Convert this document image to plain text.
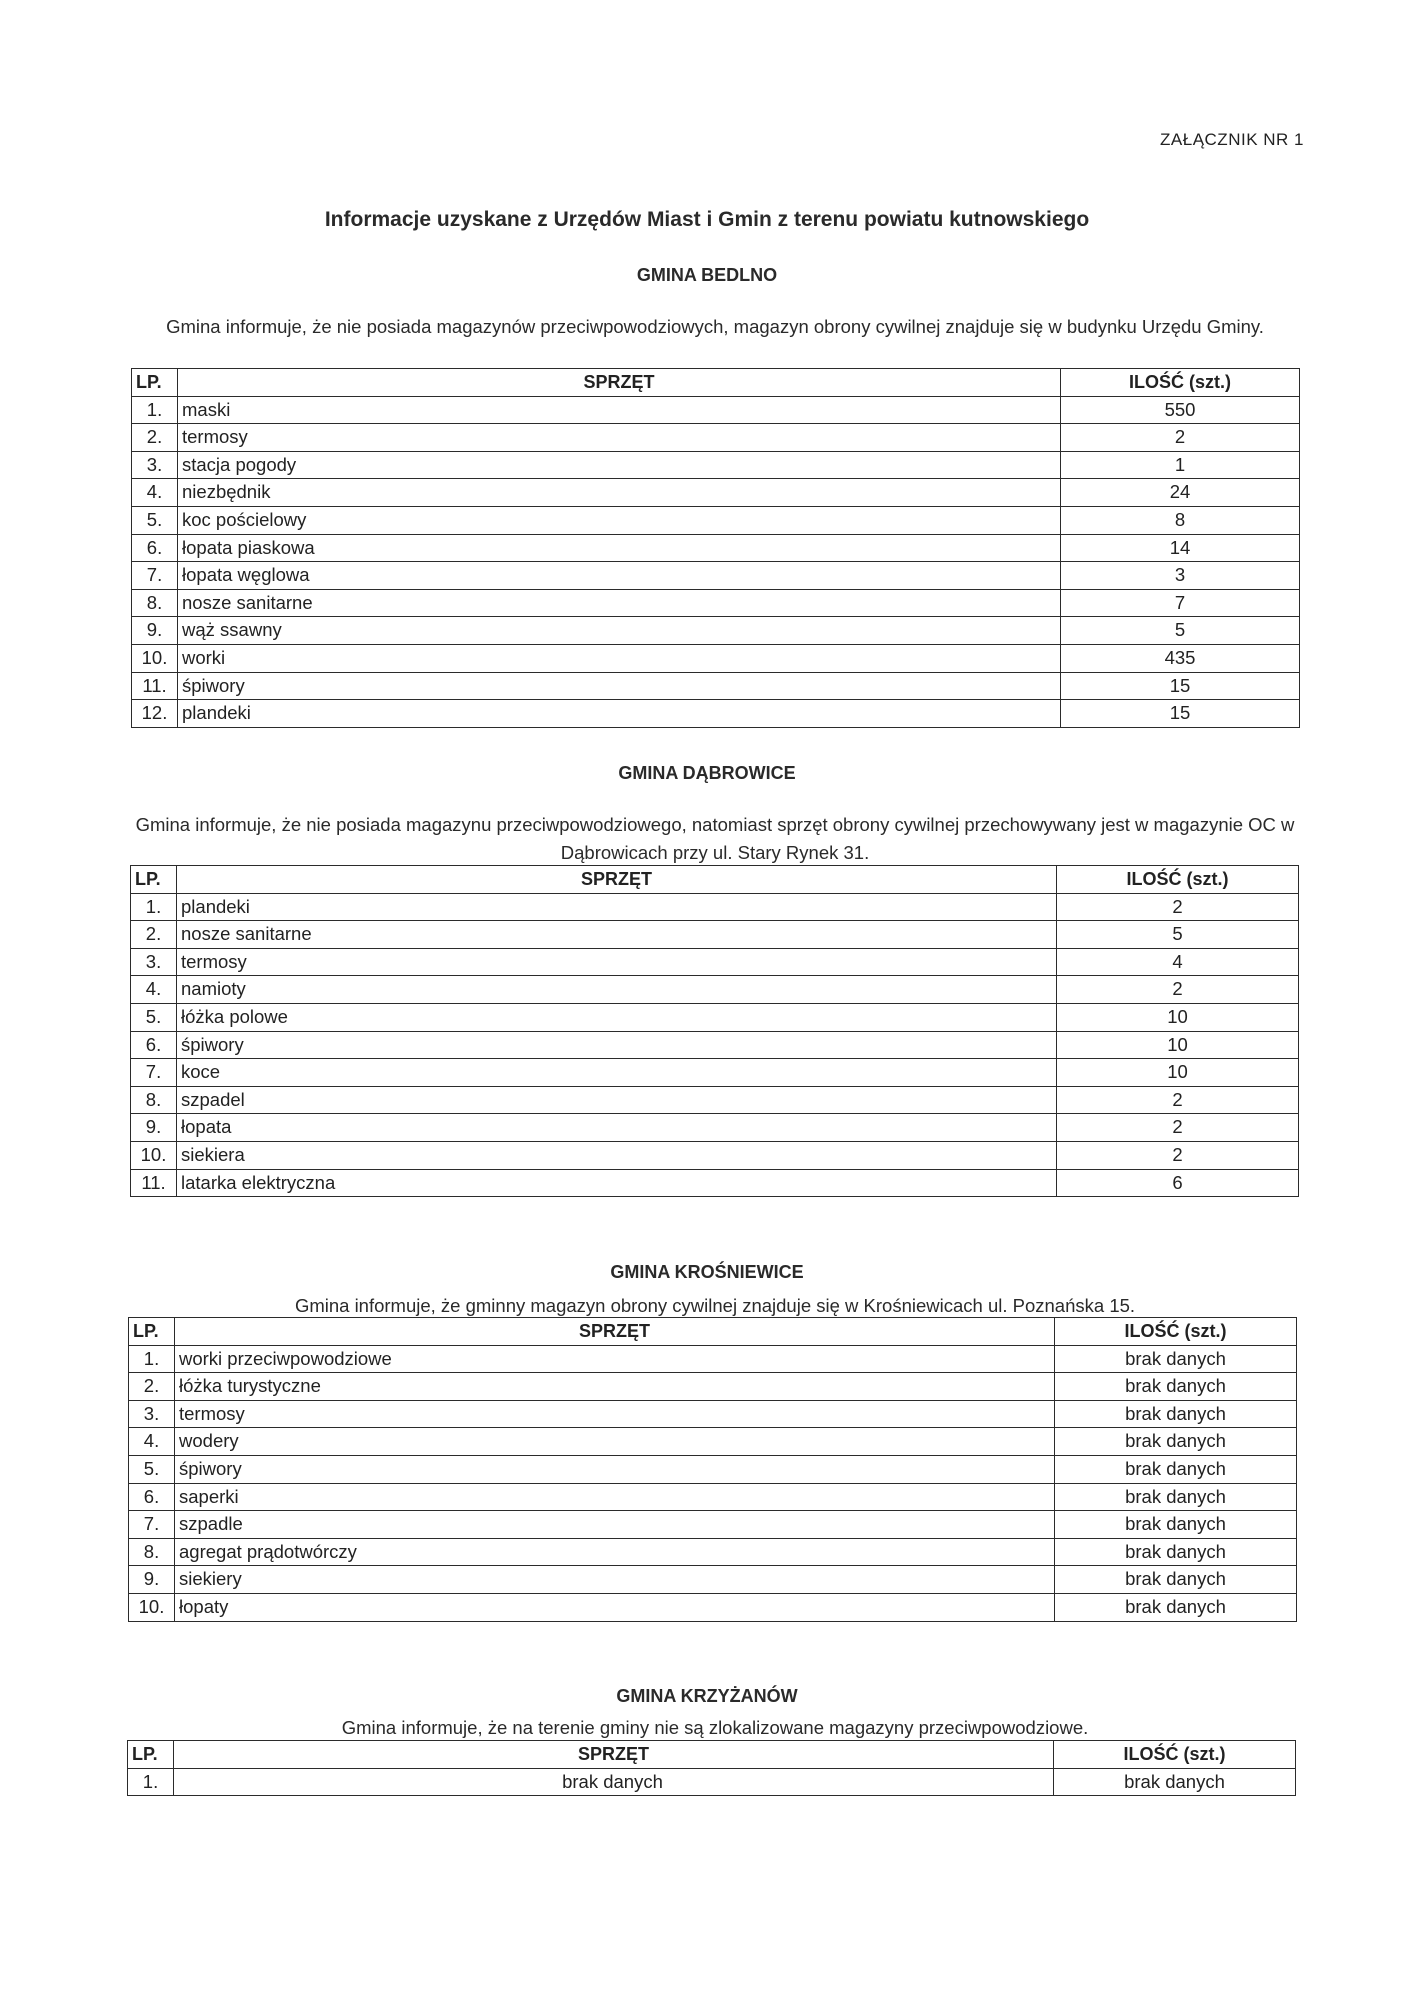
ZAŁĄCZNIK NR 1
Informacje uzyskane z Urzędów Miast i Gmin z terenu powiatu kutnowskiego
GMINA BEDLNO
Gmina informuje, że nie posiada magazynów przeciwpowodziowych, magazyn obrony cywilnej znajduje się w budynku Urzędu Gminy.
LP.	SPRZĘT	ILOŚĆ (szt.)
1.	maski	550
2.	termosy	2
3.	stacja pogody	1
4.	niezbędnik	24
5.	koc pościelowy	8
6.	łopata piaskowa	14
7.	łopata węglowa	3
8.	nosze sanitarne	7
9.	wąż ssawny	5
10.	worki	435
11.	śpiwory	15
12.	plandeki	15
GMINA DĄBROWICE
Gmina informuje, że nie posiada magazynu przeciwpowodziowego, natomiast sprzęt obrony cywilnej przechowywany jest w magazynie OC w Dąbrowicach przy ul. Stary Rynek 31.
LP.	SPRZĘT	ILOŚĆ (szt.)
1.	plandeki	2
2.	nosze sanitarne	5
3.	termosy	4
4.	namioty	2
5.	łóżka polowe	10
6.	śpiwory	10
7.	koce	10
8.	szpadel	2
9.	łopata	2
10.	siekiera	2
11.	latarka elektryczna	6
GMINA KROŚNIEWICE
Gmina informuje, że gminny magazyn obrony cywilnej znajduje się w Krośniewicach ul. Poznańska 15.
LP.	SPRZĘT	ILOŚĆ (szt.)
1.	worki przeciwpowodziowe	brak danych
2.	łóżka turystyczne	brak danych
3.	termosy	brak danych
4.	wodery	brak danych
5.	śpiwory	brak danych
6.	saperki	brak danych
7.	szpadle	brak danych
8.	agregat prądotwórczy	brak danych
9.	siekiery	brak danych
10.	łopaty	brak danych
GMINA KRZYŻANÓW
Gmina informuje, że na terenie gminy nie są zlokalizowane magazyny przeciwpowodziowe.
LP.	SPRZĘT	ILOŚĆ (szt.)
1.	brak danych	brak danych
